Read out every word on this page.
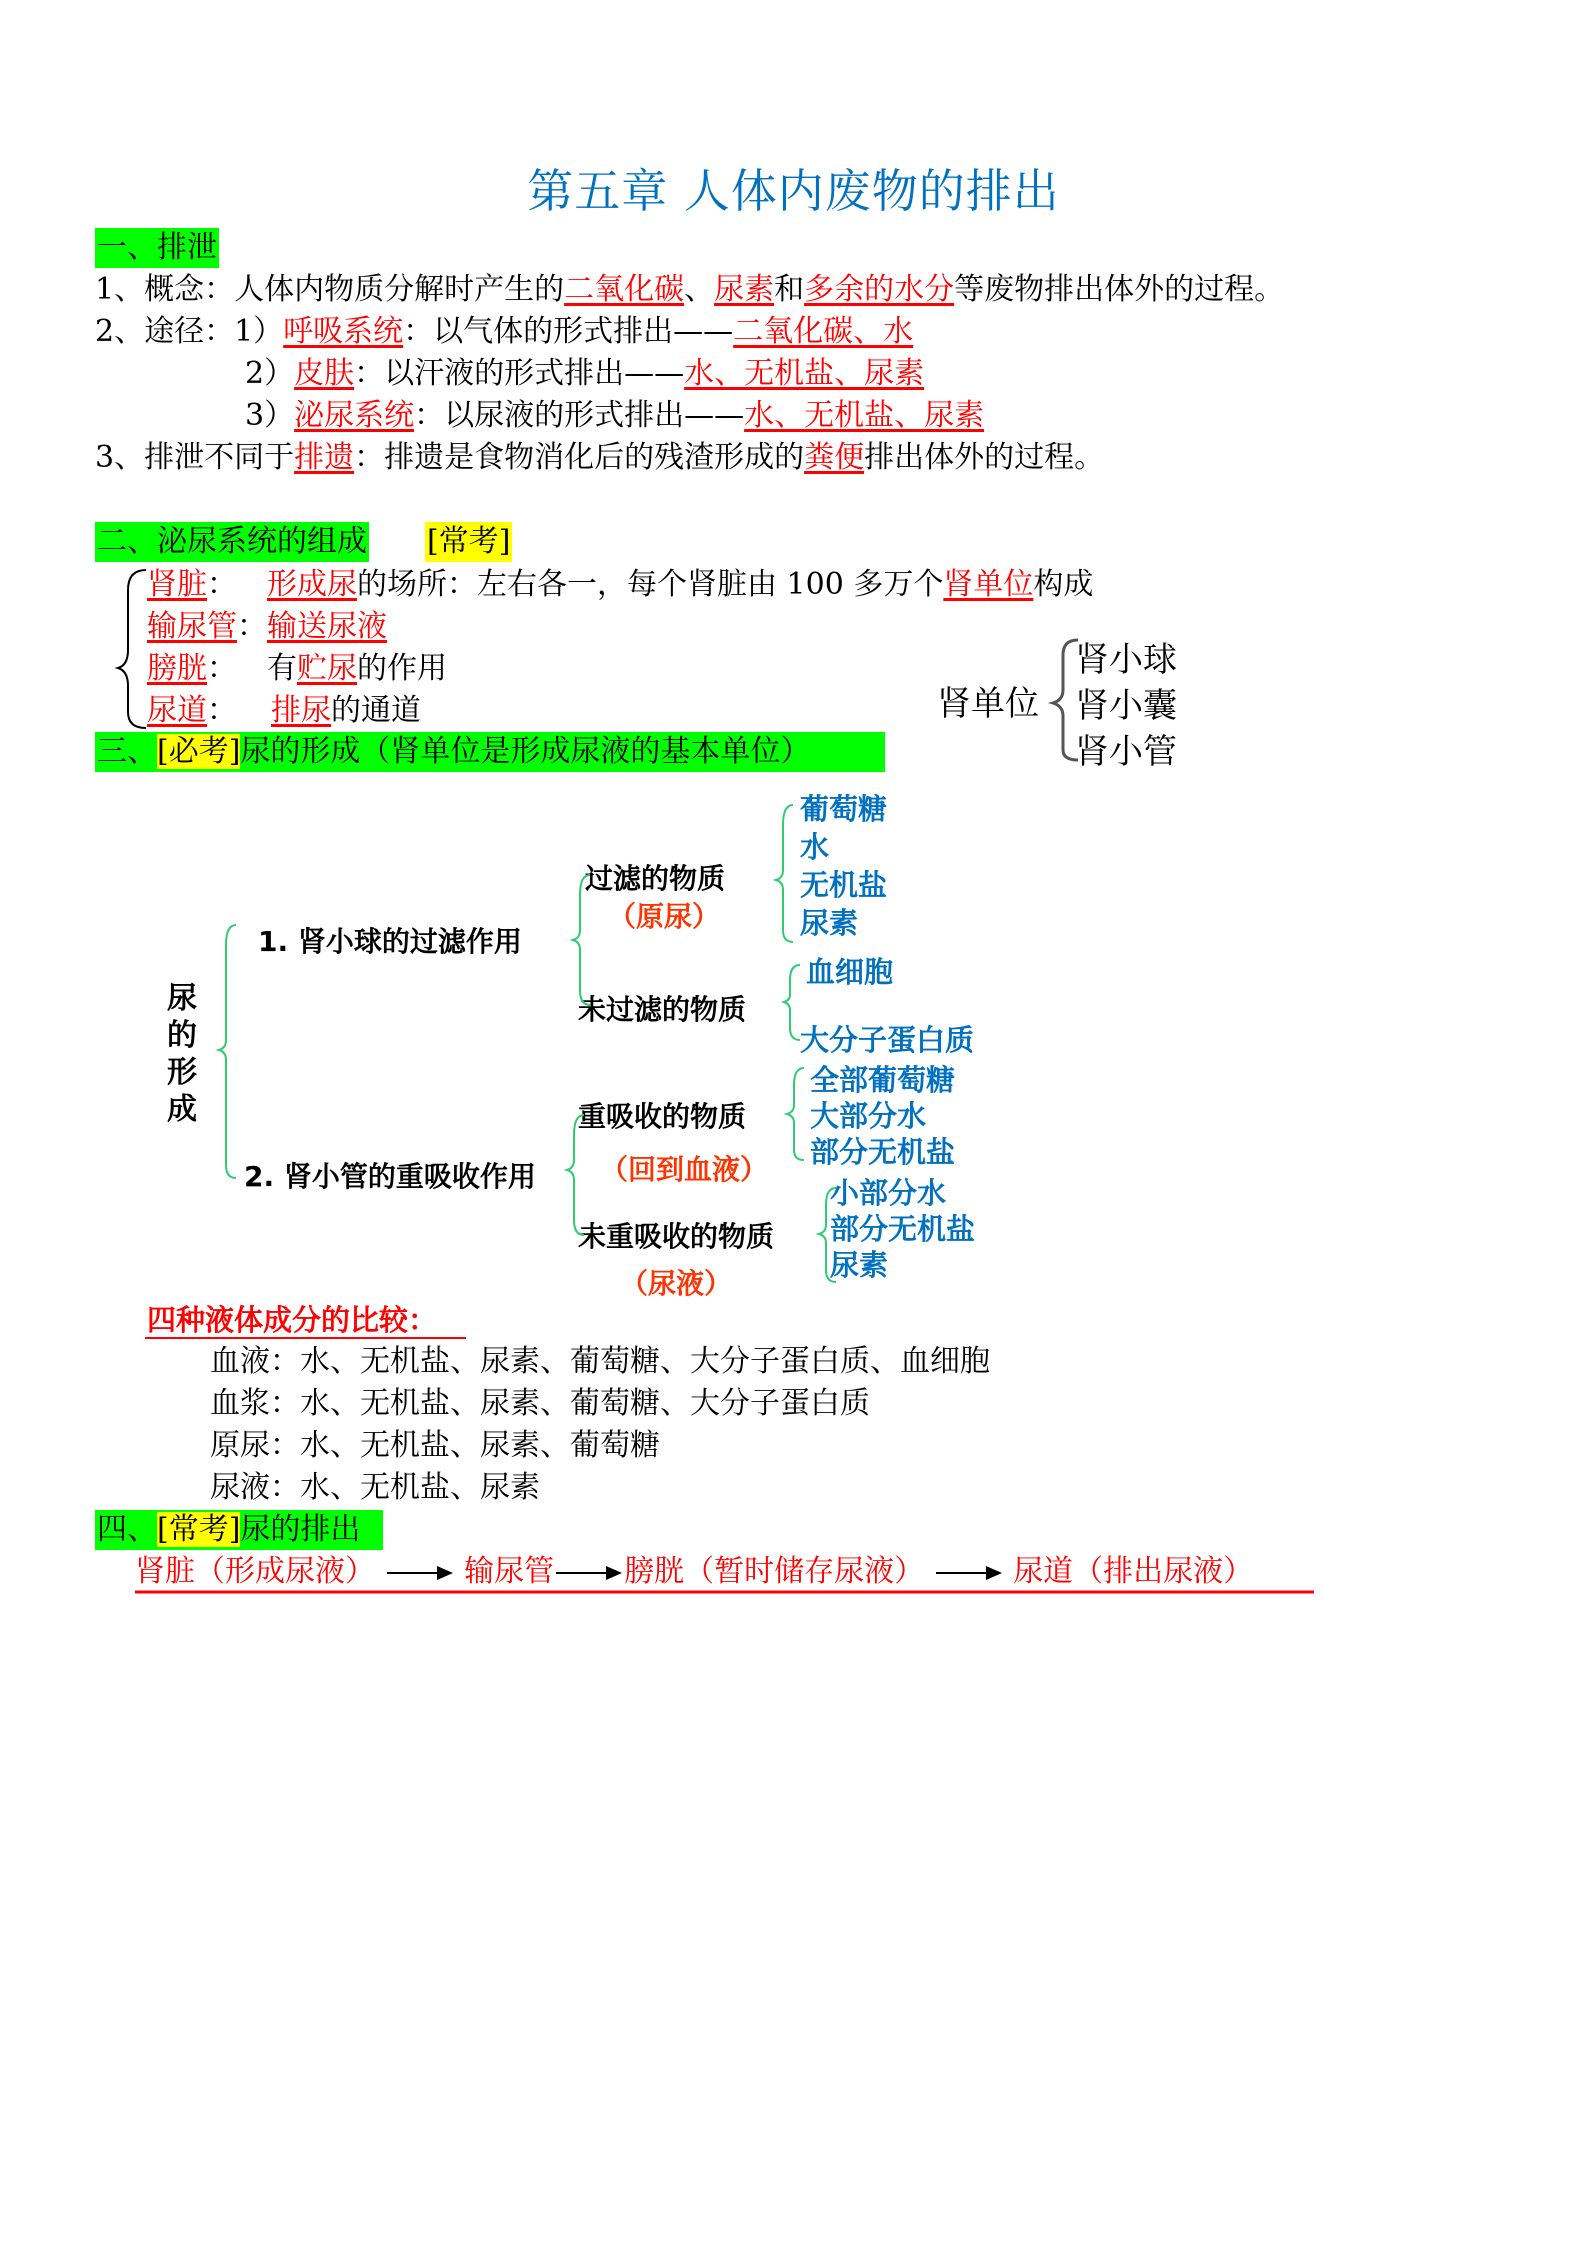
第五章 人体内废物的排出
一、排泄
1、概念：人体内物质分解时产生的二氧化碳、尿素和多余的水分等废物排出体外的过程。
2、途径：1）呼吸系统：以气体的形式排出——二氧化碳、水
2）皮肤：以汗液的形式排出——水、无机盐、尿素
3）泌尿系统：以尿液的形式排出——水、无机盐、尿素
3、排泄不同于排遗：排遗是食物消化后的残渣形成的粪便排出体外的过程。
二、泌尿系统的组成 [常考]
肾脏： 形成尿的场所：左右各一，每个肾脏由 100 多万个肾单位构成
输尿管：输送尿液
膀胱： 有贮尿的作用
尿道： 排尿的通道	肾单位
肾小球
肾小囊
肾小管
三、[必考]尿的形成（肾单位是形成尿液的基本单位）
尿
的
形
成
1. 肾小球的过滤作用
2. 肾小管的重吸收作用
过滤的物质
（原尿）
未过滤的物质
重吸收的物质
（回到血液）
未重吸收的物质
（尿液）
葡萄糖
水
无机盐
尿素
血细胞
大分子蛋白质
全部葡萄糖
大部分水
部分无机盐
小部分水
部分无机盐
尿素
四种液体成分的比较：
血液：水、无机盐、尿素、葡萄糖、大分子蛋白质、血细胞
血浆：水、无机盐、尿素、葡萄糖、大分子蛋白质
原尿：水、无机盐、尿素、葡萄糖
尿液：水、无机盐、尿素
四、[常考]尿的排出
肾脏（形成尿液）	输尿管 膀胱（暂时储存尿液）	尿道（排出尿液）
